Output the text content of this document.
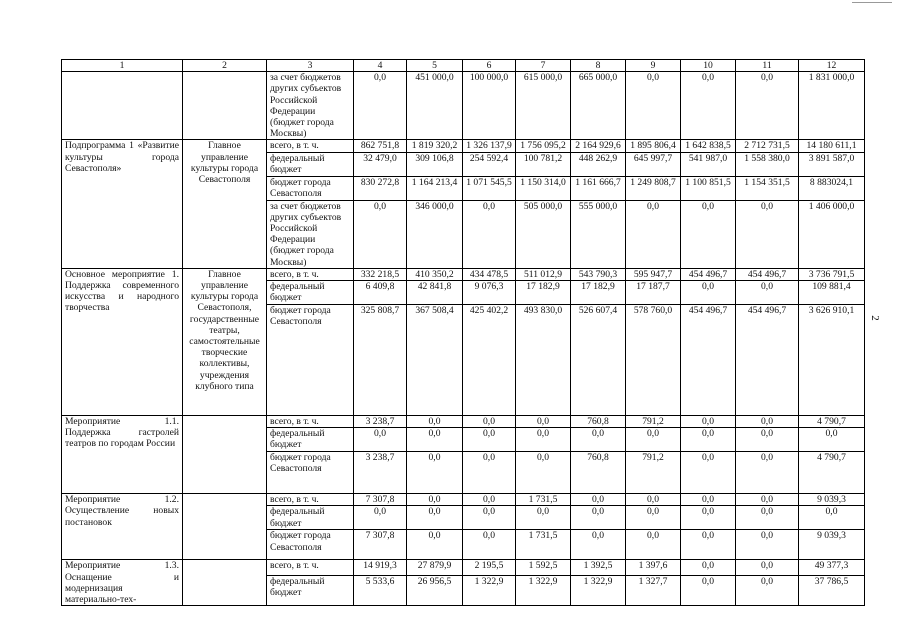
2
1	2	3	4	5	6	7	8	9	10	11	12
		за счет бюджетов других субъектов Российской Федерации (бюджет города Москвы)	0,0	451 000,0	100 000,0	615 000,0	665 000,0	0,0	0,0	0,0	1 831 000,0
Подпрограмма 1 «Развитие культуры города Севастополя»	Главное управление культуры города Севастополя	всего, в т. ч.	862 751,8	1 819 320,2	1 326 137,9	1 756 095,2	2 164 929,6	1 895 806,4	1 642 838,5	2 712 731,5	14 180 611,1
		федеральный бюджет	32 479,0	309 106,8	254 592,4	100 781,2	448 262,9	645 997,7	541 987,0	1 558 380,0	3 891 587,0
		бюджет города Севастополя	830 272,8	1 164 213,4	1 071 545,5	1 150 314,0	1 161 666,7	1 249 808,7	1 100 851,5	1 154 351,5	8 883024,1
		за счет бюджетов других субъектов Российской Федерации (бюджет города Москвы)	0,0	346 000,0	0,0	505 000,0	555 000,0	0,0	0,0	0,0	1 406 000,0
Основное мероприятие 1. Поддержка современного искусства и народного творчества	Главное управление культуры города Севастополя, государственные театры, самостоятельные творческие коллективы, учреждения клубного типа	всего, в т. ч.	332 218,5	410 350,2	434 478,5	511 012,9	543 790,3	595 947,7	454 496,7	454 496,7	3 736 791,5
		федеральный бюджет	6 409,8	42 841,8	9 076,3	17 182,9	17 182,9	17 187,7	0,0	0,0	109 881,4
		бюджет города Севастополя	325 808,7	367 508,4	425 402,2	493 830,0	526 607,4	578 760,0	454 496,7	454 496,7	3 626 910,1
Мероприятие 1.1. Поддержка гастролей театров по городам России		всего, в т. ч.	3 238,7	0,0	0,0	0,0	760,8	791,2	0,0	0,0	4 790,7
		федеральный бюджет	0,0	0,0	0,0	0,0	0,0	0,0	0,0	0,0	0,0
		бюджет города Севастополя	3 238,7	0,0	0,0	0,0	760,8	791,2	0,0	0,0	4 790,7
Мероприятие 1.2. Осуществление новых постановок		всего, в т. ч.	7 307,8	0,0	0,0	1 731,5	0,0	0,0	0,0	0,0	9 039,3
		федеральный бюджет	0,0	0,0	0,0	0,0	0,0	0,0	0,0	0,0	0,0
		бюджет города Севастополя	7 307,8	0,0	0,0	1 731,5	0,0	0,0	0,0	0,0	9 039,3
Мероприятие 1.3. Оснащение и модернизация материально-тех-		всего, в т. ч.	14 919,3	27 879,9	2 195,5	1 592,5	1 392,5	1 397,6	0,0	0,0	49 377,3
		федеральный бюджет	5 533,6	26 956,5	1 322,9	1 322,9	1 322,9	1 327,7	0,0	0,0	37 786,5
